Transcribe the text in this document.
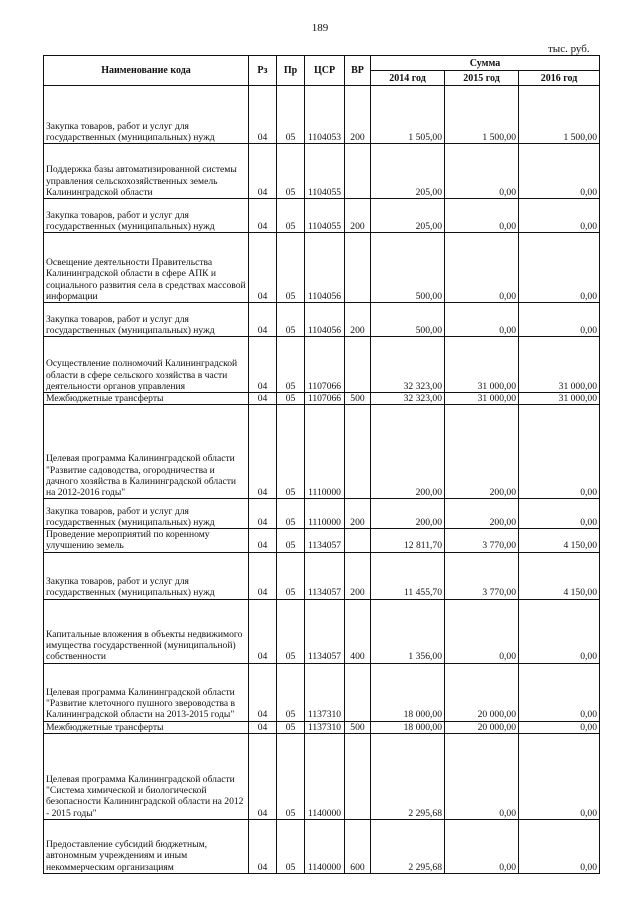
189
тыс. руб.
Наименование кода	Рз	Пр	ЦСР	ВР	Сумма		
					2014 год	2015 год	2016 год
Закупка товаров, работ и услуг для государственных (муниципальных) нужд	04	05	1104053	200	1 505,00	1 500,00	1 500,00
Поддержка базы автоматизированной системы управления сельскохозяйственных земель Калининградской области	04	05	1104055		205,00	0,00	0,00
Закупка товаров, работ и услуг для государственных (муниципальных) нужд	04	05	1104055	200	205,00	0,00	0,00
Освещение деятельности Правительства Калининградской области в сфере АПК и социального развития села в средствах массовой информации	04	05	1104056		500,00	0,00	0,00
Закупка товаров, работ и услуг для государственных (муниципальных) нужд	04	05	1104056	200	500,00	0,00	0,00
Осуществление полномочий Калининградской области в сфере сельского хозяйства в части деятельности органов управления	04	05	1107066		32 323,00	31 000,00	31 000,00
Межбюджетные трансферты	04	05	1107066	500	32 323,00	31 000,00	31 000,00
Целевая программа Калининградской области "Развитие садоводства, огородничества и дачного хозяйства в Калининградской области на 2012-2016 годы"	04	05	1110000		200,00	200,00	0,00
Закупка товаров, работ и услуг для государственных (муниципальных) нужд	04	05	1110000	200	200,00	200,00	0,00
Проведение мероприятий по коренному улучшению земель	04	05	1134057		12 811,70	3 770,00	4 150,00
Закупка товаров, работ и услуг для государственных (муниципальных) нужд	04	05	1134057	200	11 455,70	3 770,00	4 150,00
Капитальные вложения в объекты недвижимого имущества государственной (муниципальной) собственности	04	05	1134057	400	1 356,00	0,00	0,00
Целевая программа Калининградской области "Развитие клеточного пушного звероводства в Калининградской области на 2013-2015 годы"	04	05	1137310		18 000,00	20 000,00	0,00
Межбюджетные трансферты	04	05	1137310	500	18 000,00	20 000,00	0,00
Целевая программа Калининградской области "Система химической и биологической безопасности Калининградской области на 2012 - 2015 годы"	04	05	1140000		2 295,68	0,00	0,00
Предоставление субсидий бюджетным, автономным учреждениям и иным некоммерческим организациям	04	05	1140000	600	2 295,68	0,00	0,00
